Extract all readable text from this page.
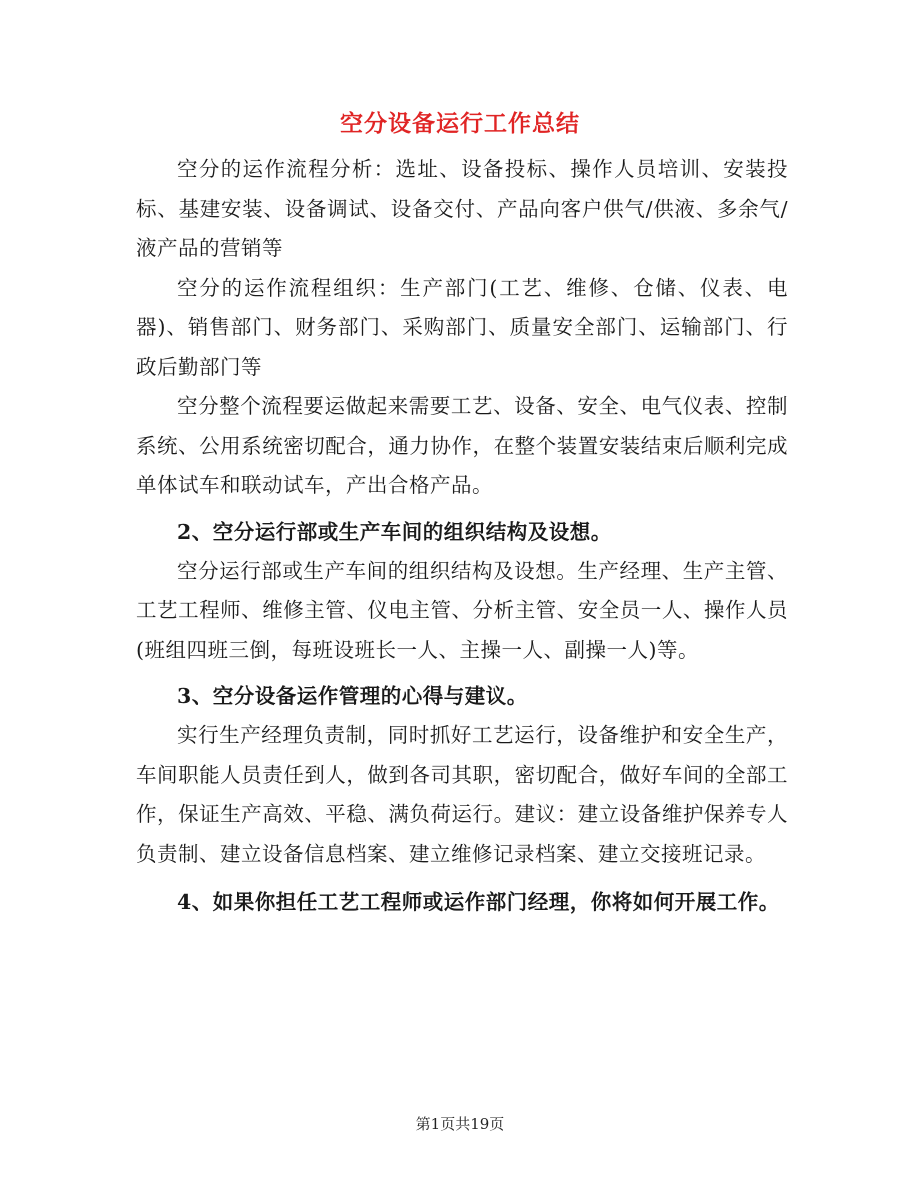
空分设备运行工作总结

空分的运作流程分析：选址、设备投标、操作人员培训、安装投标、基建安装、设备调试、设备交付、产品向客户供气/供液、多余气/液产品的营销等

空分的运作流程组织：生产部门(工艺、维修、仓储、仪表、电器)、销售部门、财务部门、采购部门、质量安全部门、运输部门、行政后勤部门等

空分整个流程要运做起来需要工艺、设备、安全、电气仪表、控制系统、公用系统密切配合，通力协作，在整个装置安装结束后顺利完成单体试车和联动试车，产出合格产品。

2、空分运行部或生产车间的组织结构及设想。

空分运行部或生产车间的组织结构及设想。生产经理、生产主管、工艺工程师、维修主管、仪电主管、分析主管、安全员一人、操作人员(班组四班三倒，每班设班长一人、主操一人、副操一人)等。

3、空分设备运作管理的心得与建议。

实行生产经理负责制，同时抓好工艺运行，设备维护和安全生产，车间职能人员责任到人，做到各司其职，密切配合，做好车间的全部工作，保证生产高效、平稳、满负荷运行。建议：建立设备维护保养专人负责制、建立设备信息档案、建立维修记录档案、建立交接班记录。

4、如果你担任工艺工程师或运作部门经理，你将如何开展工作。

第1页共19页
